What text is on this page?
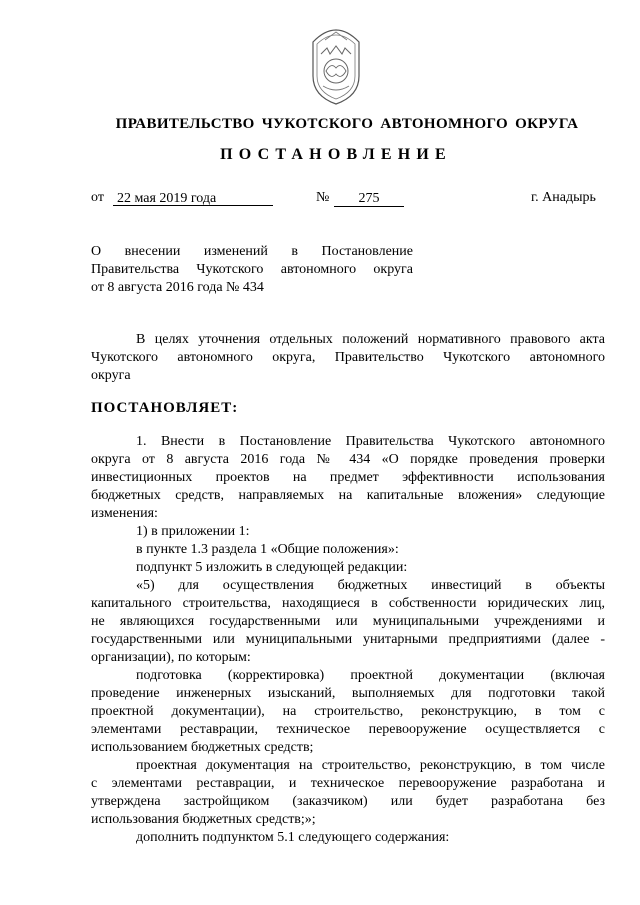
ПРАВИТЕЛЬСТВО ЧУКОТСКОГО АВТОНОМНОГО ОКРУГА
ПОСТАНОВЛЕНИЕ
от 22 мая 2019 года	№	275	г. Анадырь
О внесении изменений в Постановление
Правительства Чукотского автономного округа
от 8 августа 2016 года № 434
В целях уточнения отдельных положений нормативного правового акта
Чукотского автономного округа, Правительство Чукотского автономного
округа
ПОСТАНОВЛЯЕТ:
1. Внести в Постановление Правительства Чукотского автономного
округа от 8 августа 2016 года № 434 «О порядке проведения проверки
инвестиционных проектов на предмет эффективности использования
бюджетных средств, направляемых на капитальные вложения» следующие
изменения:
1) в приложении 1:
в пункте 1.3 раздела 1 «Общие положения»:
подпункт 5 изложить в следующей редакции:
«5) для осуществления бюджетных инвестиций в объекты
капитального строительства, находящиеся в собственности юридических лиц,
не являющихся государственными или муниципальными учреждениями и
государственными или муниципальными унитарными предприятиями (далее -
организации), по которым:
подготовка (корректировка) проектной документации (включая
проведение инженерных изысканий, выполняемых для подготовки такой
проектной документации), на строительство, реконструкцию, в том с
элементами реставрации, техническое перевооружение осуществляется с
использованием бюджетных средств;
проектная документация на строительство, реконструкцию, в том числе
с элементами реставрации, и техническое перевооружение разработана и
утверждена застройщиком (заказчиком) или будет разработана без
использования бюджетных средств;»;
дополнить подпунктом 5.1 следующего содержания:
